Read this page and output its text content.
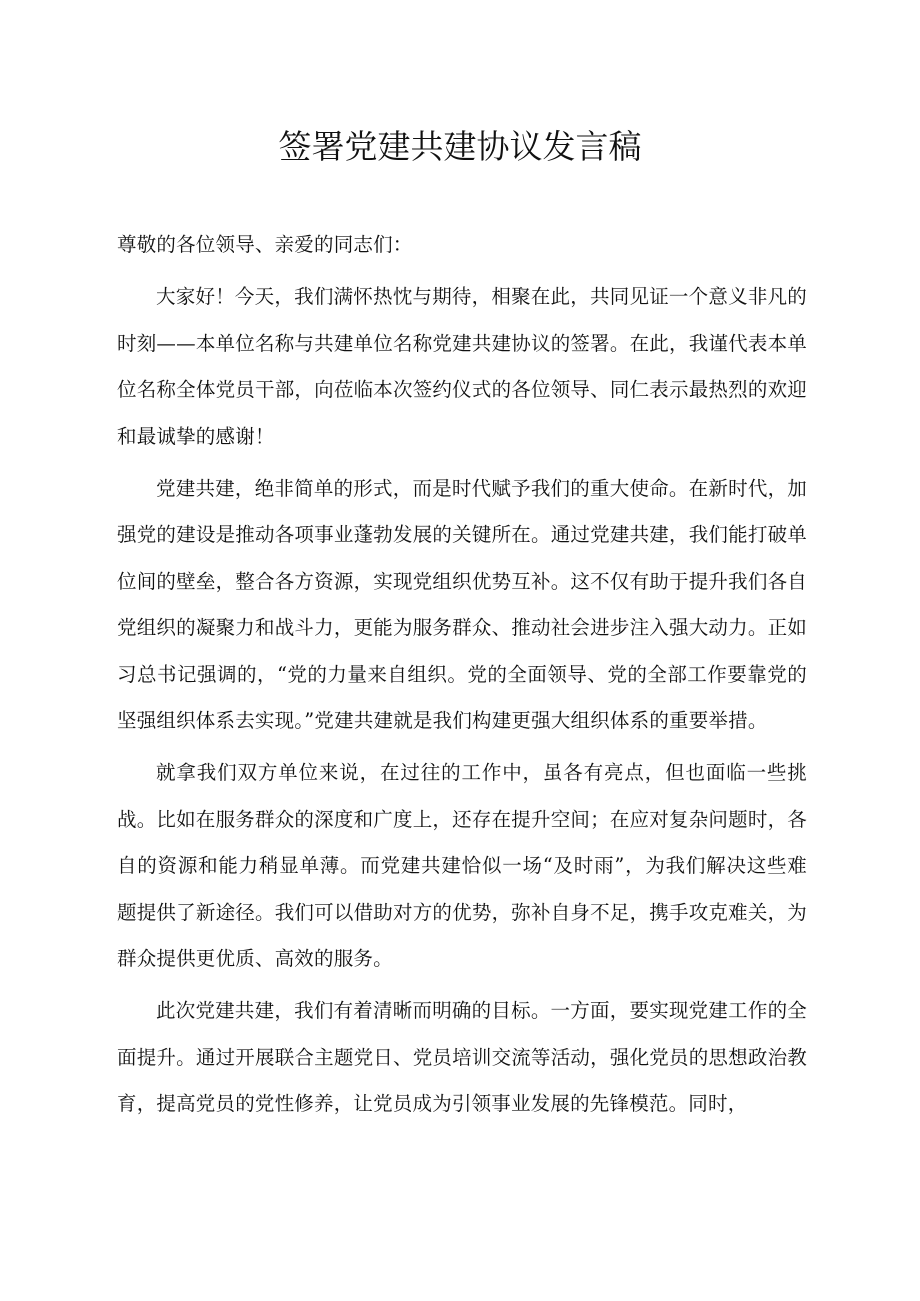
签署党建共建协议发言稿

尊敬的各位领导、亲爱的同志们：

大家好！今天，我们满怀热忱与期待，相聚在此，共同见证一个意义非凡的时刻——本单位名称与共建单位名称党建共建协议的签署。在此，我谨代表本单位名称全体党员干部，向莅临本次签约仪式的各位领导、同仁表示最热烈的欢迎和最诚挚的感谢！

党建共建，绝非简单的形式，而是时代赋予我们的重大使命。在新时代，加强党的建设是推动各项事业蓬勃发展的关键所在。通过党建共建，我们能打破单位间的壁垒，整合各方资源，实现党组织优势互补。这不仅有助于提升我们各自党组织的凝聚力和战斗力，更能为服务群众、推动社会进步注入强大动力。正如习总书记强调的，“党的力量来自组织。党的全面领导、党的全部工作要靠党的坚强组织体系去实现。”党建共建就是我们构建更强大组织体系的重要举措。

就拿我们双方单位来说，在过往的工作中，虽各有亮点，但也面临一些挑战。比如在服务群众的深度和广度上，还存在提升空间；在应对复杂问题时，各自的资源和能力稍显单薄。而党建共建恰似一场“及时雨”，为我们解决这些难题提供了新途径。我们可以借助对方的优势，弥补自身不足，携手攻克难关，为群众提供更优质、高效的服务。

此次党建共建，我们有着清晰而明确的目标。一方面，要实现党建工作的全面提升。通过开展联合主题党日、党员培训交流等活动，强化党员的思想政治教育，提高党员的党性修养，让党员成为引领事业发展的先锋模范。同时，
